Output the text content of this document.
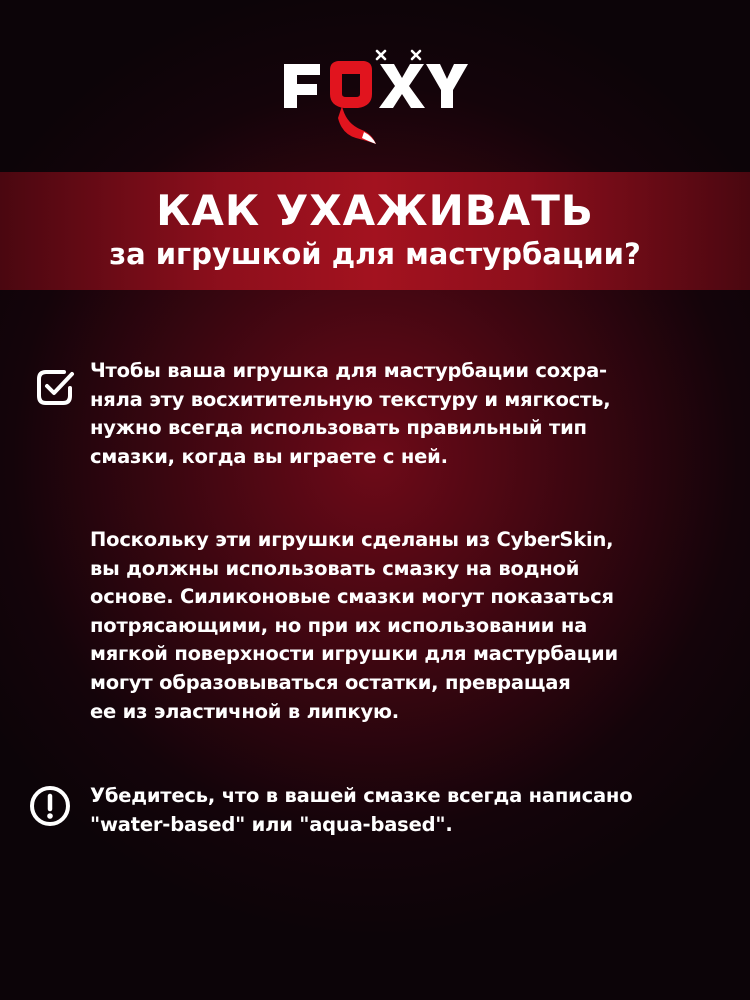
КАК УХАЖИВАТЬ
за игрушкой для мастурбации?
Чтобы ваша игрушка для мастурбации сохра-
няла эту восхитительную текстуру и мягкость,
нужно всегда использовать правильный тип
смазки, когда вы играете с ней.
Поскольку эти игрушки сделаны из CyberSkin,
вы должны использовать смазку на водной
основе. Силиконовые смазки могут показаться
потрясающими, но при их использовании на
мягкой поверхности игрушки для мастурбации
могут образовываться остатки, превращая
ее из эластичной в липкую.
Убедитесь, что в вашей смазке всегда написано
"water-based" или "aqua-based".
